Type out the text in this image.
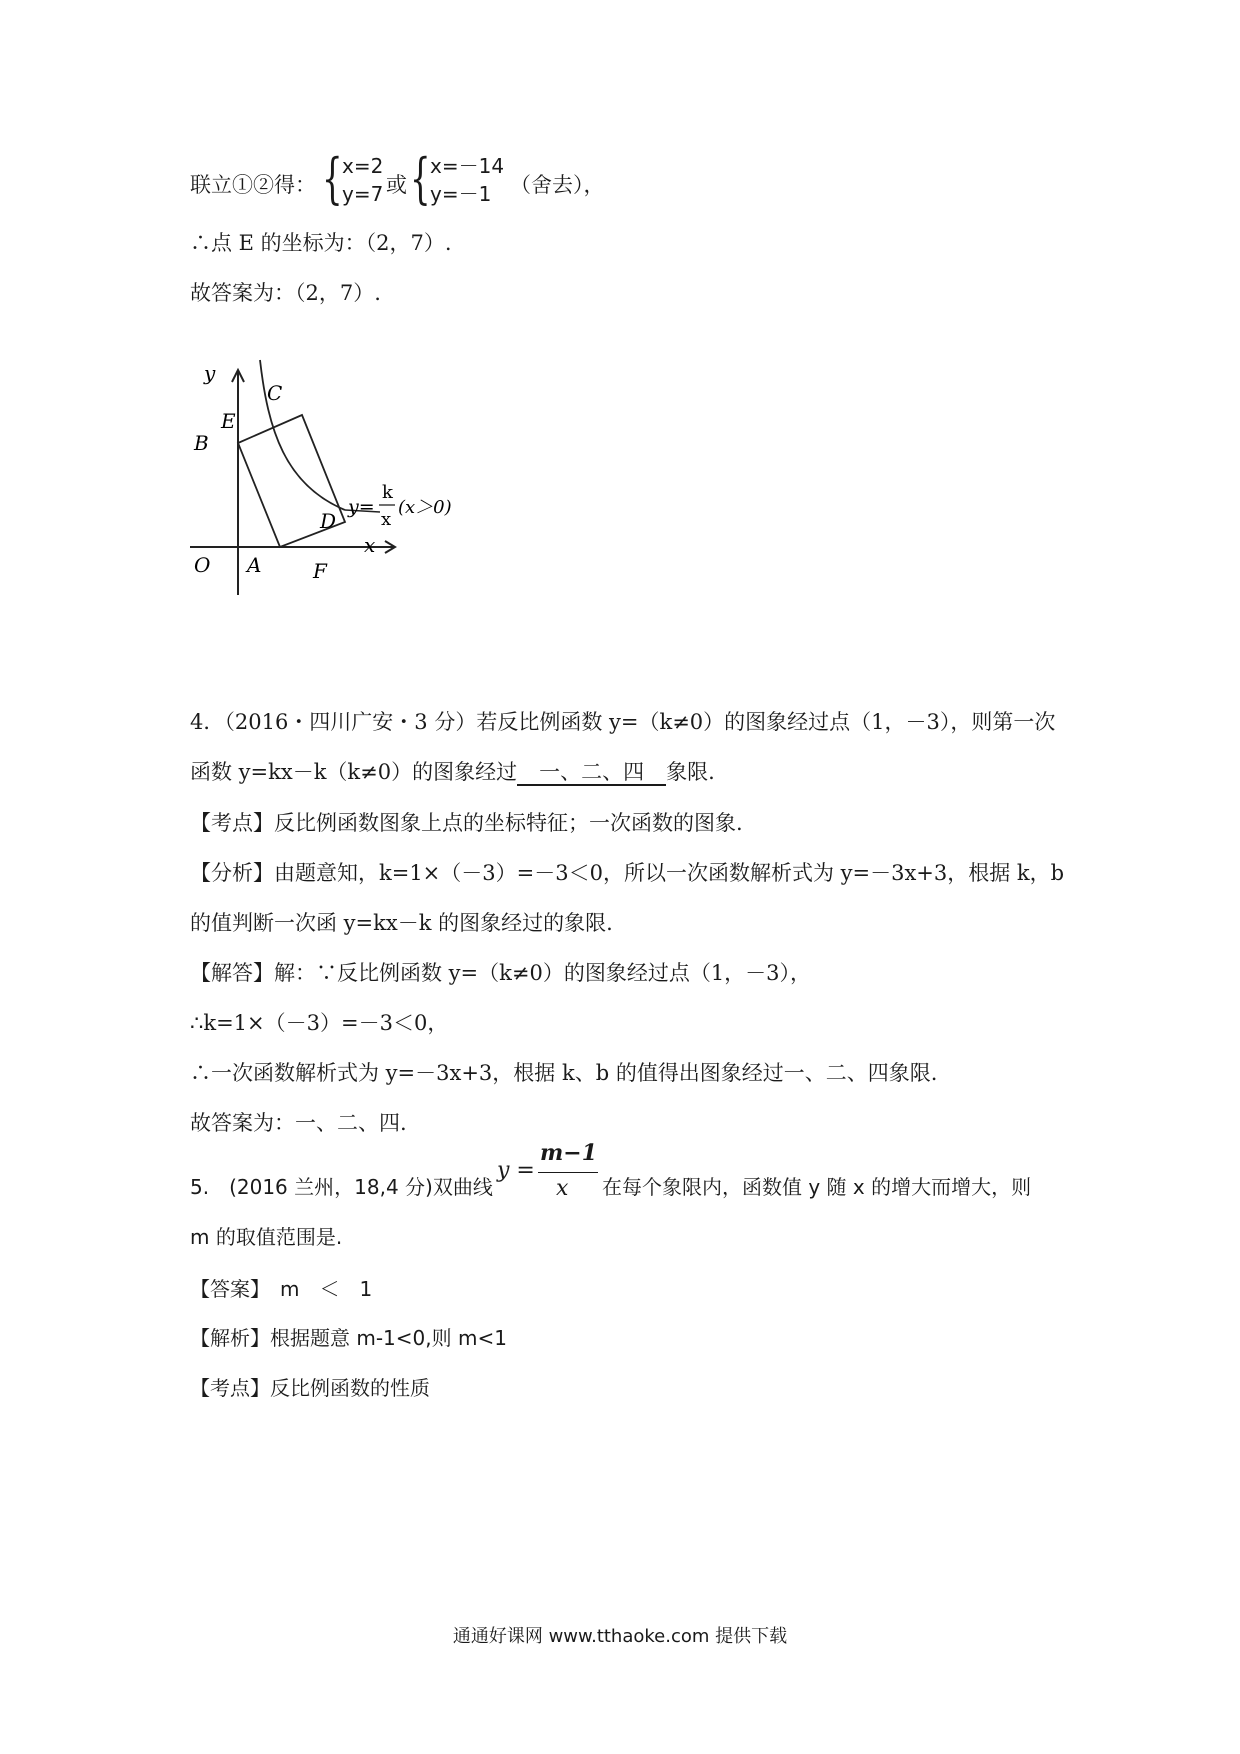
联立①②得： { x=2
y=7 或 { x=－14
y=－1 （舍去），
∴点 E 的坐标为：（2，7）.
故答案为：（2，7）.
y
x
O A
B
C
D
E
F
y=
k
x
(x＞0)
4．（2016・四川广安・3 分）若反比例函数 y=（k≠0）的图象经过点（1，－3），则第一次
函数 y=kx－k（k≠0）的图象经过 一、二、四 象限.
【考点】反比例函数图象上点的坐标特征；一次函数的图象.
【分析】由题意知，k=1×（－3）=－3＜0，所以一次函数解析式为 y=－3x+3，根据 k，b
的值判断一次函 y=kx－k 的图象经过的象限.
【解答】解：∵反比例函数 y=（k≠0）的图象经过点（1，－3），
∴k=1×（－3）=－3＜0，
∴一次函数解析式为 y=－3x+3，根据 k、b 的值得出图象经过一、二、四象限.
故答案为：一、二、四.
5.　(2016 兰州，18,4 分)双曲线
y =
m−1
x 在每个象限内，函数值 y 随 x 的增大而增大，则
m 的取值范围是.
【答案】　m　＜　1
【解析】根据题意 m-1<0,则 m<1
【考点】反比例函数的性质
通通好课网 www.tthaoke.com 提供下载
